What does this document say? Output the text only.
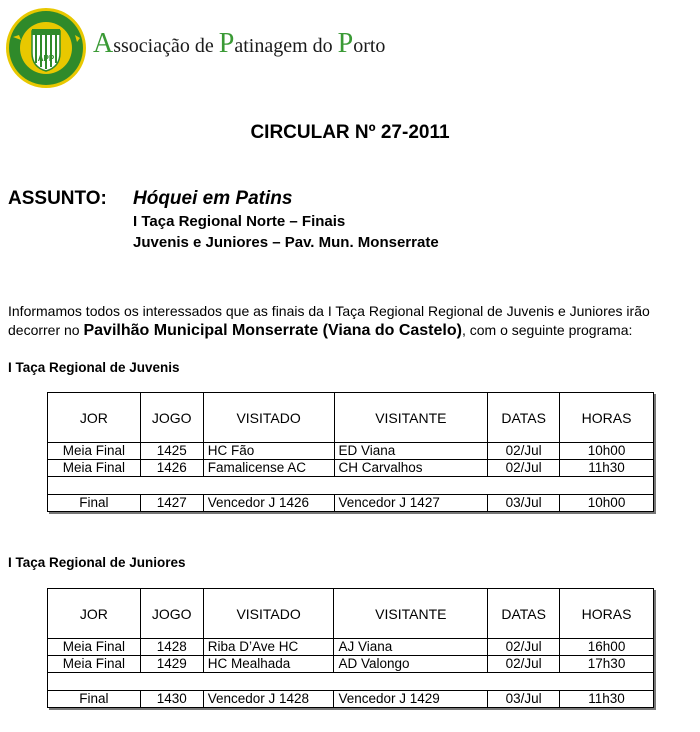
APP Associação de Patinagem do Porto
CIRCULAR Nº 27-2011
ASSUNTO: Hóquei em Patins
I Taça Regional Norte – Finais
Juvenis e Juniores – Pav. Mun. Monserrate
Informamos todos os interessados que as finais da I Taça Regional Regional de Juvenis e Juniores irão
decorrer no Pavilhão Municipal Monserrate (Viana do Castelo), com o seguinte programa:
I Taça Regional de Juvenis
JOR	JOGO	VISITADO	VISITANTE	DATAS	HORAS
Meia Final	1425	HC Fão	ED Viana	02/Jul	10h00
Meia Final	1426	Famalicense AC	CH Carvalhos	02/Jul	11h30

Final	1427	Vencedor J 1426	Vencedor J 1427	03/Jul	10h00
I Taça Regional de Juniores
JOR	JOGO	VISITADO	VISITANTE	DATAS	HORAS
Meia Final	1428	Riba D’Ave HC	AJ Viana	02/Jul	16h00
Meia Final	1429	HC Mealhada	AD Valongo	02/Jul	17h30

Final	1430	Vencedor J 1428	Vencedor J 1429	03/Jul	11h30
